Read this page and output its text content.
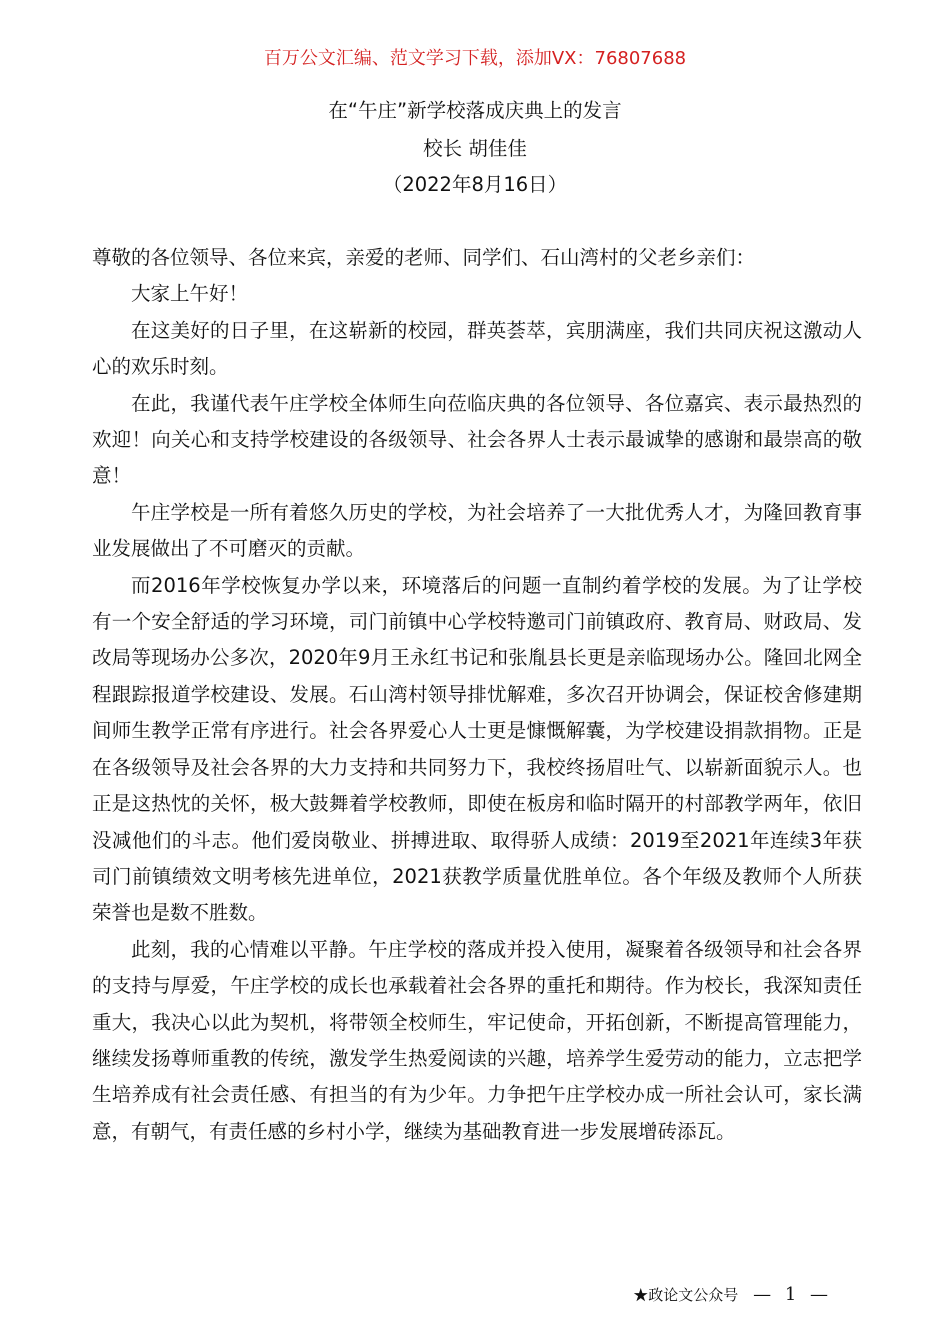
百万公文汇编、范文学习下载，添加VX：76807688
在“午庄”新学校落成庆典上的发言
校长 胡佳佳
（2022年8月16日）

尊敬的各位领导、各位来宾，亲爱的老师、同学们、石山湾村的父老乡亲们：

大家上午好！

在这美好的日子里，在这崭新的校园，群英荟萃，宾朋满座，我们共同庆祝这激动人心的欢乐时刻。

在此，我谨代表午庄学校全体师生向莅临庆典的各位领导、各位嘉宾、表示最热烈的欢迎！向关心和支持学校建设的各级领导、社会各界人士表示最诚挚的感谢和最崇高的敬意！

午庄学校是一所有着悠久历史的学校，为社会培养了一大批优秀人才，为隆回教育事业发展做出了不可磨灭的贡献。

而2016年学校恢复办学以来，环境落后的问题一直制约着学校的发展。为了让学校有一个安全舒适的学习环境，司门前镇中心学校特邀司门前镇政府、教育局、财政局、发改局等现场办公多次，2020年9月王永红书记和张胤县长更是亲临现场办公。隆回北网全程跟踪报道学校建设、发展。石山湾村领导排忧解难，多次召开协调会，保证校舍修建期间师生教学正常有序进行。社会各界爱心人士更是慷慨解囊，为学校建设捐款捐物。正是在各级领导及社会各界的大力支持和共同努力下，我校终扬眉吐气、以崭新面貌示人。也正是这热忱的关怀，极大鼓舞着学校教师，即使在板房和临时隔开的村部教学两年，依旧没减他们的斗志。他们爱岗敬业、拼搏进取、取得骄人成绩：2019至2021年连续3年获司门前镇绩效文明考核先进单位，2021获教学质量优胜单位。各个年级及教师个人所获荣誉也是数不胜数。

此刻，我的心情难以平静。午庄学校的落成并投入使用，凝聚着各级领导和社会各界的支持与厚爱，午庄学校的成长也承载着社会各界的重托和期待。作为校长，我深知责任重大，我决心以此为契机，将带领全校师生，牢记使命，开拓创新，不断提高管理能力，继续发扬尊师重教的传统，激发学生热爱阅读的兴趣，培养学生爱劳动的能力，立志把学生培养成有社会责任感、有担当的有为少年。力争把午庄学校办成一所社会认可，家长满意，有朝气，有责任感的乡村小学，继续为基础教育进一步发展增砖添瓦。

★政论文公众号 — 1 —
